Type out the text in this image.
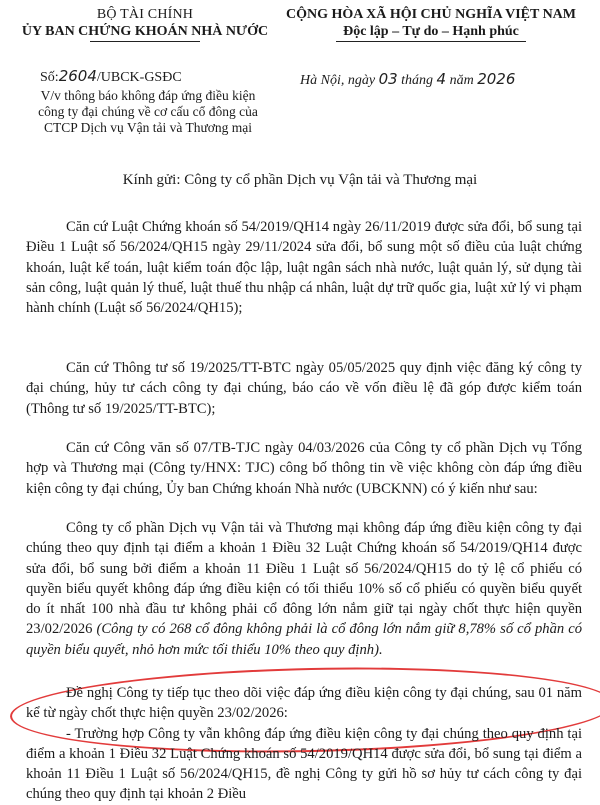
BỘ TÀI CHÍNH
ỦY BAN CHỨNG KHOÁN NHÀ NƯỚC
CỘNG HÒA XÃ HỘI CHỦ NGHĨA VIỆT NAM
Độc lập – Tự do – Hạnh phúc
Số:2604/UBCK-GSĐC	Hà Nội, ngày 03 tháng 4 năm 2026
V/v thông báo không đáp ứng điều kiện
công ty đại chúng về cơ cấu cổ đông của
CTCP Dịch vụ Vận tải và Thương mại
Kính gửi: Công ty cổ phần Dịch vụ Vận tải và Thương mại

Căn cứ Luật Chứng khoán số 54/2019/QH14 ngày 26/11/2019 được sửa đổi, bổ sung tại Điều 1 Luật số 56/2024/QH15 ngày 29/11/2024 sửa đổi, bổ sung một số điều của luật chứng khoán, luật kế toán, luật kiểm toán độc lập, luật ngân sách nhà nước, luật quản lý, sử dụng tài sản công, luật quản lý thuế, luật thuế thu nhập cá nhân, luật dự trữ quốc gia, luật xử lý vi phạm hành chính (Luật số 56/2024/QH15);

Căn cứ Thông tư số 19/2025/TT-BTC ngày 05/05/2025 quy định việc đăng ký công ty đại chúng, hủy tư cách công ty đại chúng, báo cáo về vốn điều lệ đã góp được kiểm toán (Thông tư số 19/2025/TT-BTC);

Căn cứ Công văn số 07/TB-TJC ngày 04/03/2026 của Công ty cổ phần Dịch vụ Tổng hợp và Thương mại (Công ty/HNX: TJC) công bố thông tin về việc không còn đáp ứng điều kiện công ty đại chúng, Ủy ban Chứng khoán Nhà nước (UBCKNN) có ý kiến như sau:

Công ty cổ phần Dịch vụ Vận tải và Thương mại không đáp ứng điều kiện công ty đại chúng theo quy định tại điểm a khoản 1 Điều 32 Luật Chứng khoán số 54/2019/QH14 được sửa đổi, bổ sung bởi điểm a khoản 11 Điều 1 Luật số 56/2024/QH15 do tỷ lệ cổ phiếu có quyền biểu quyết không đáp ứng điều kiện có tối thiểu 10% số cổ phiếu có quyền biểu quyết do ít nhất 100 nhà đầu tư không phải cổ đông lớn nắm giữ tại ngày chốt thực hiện quyền 23/02/2026 (Công ty có 268 cổ đông không phải là cổ đông lớn nắm giữ 8,78% số cổ phần có quyền biểu quyết, nhỏ hơn mức tối thiểu 10% theo quy định).

Đề nghị Công ty tiếp tục theo dõi việc đáp ứng điều kiện công ty đại chúng, sau 01 năm kể từ ngày chốt thực hiện quyền 23/02/2026:

- Trường hợp Công ty vẫn không đáp ứng điều kiện công ty đại chúng theo quy định tại điểm a khoản 1 Điều 32 Luật Chứng khoán số 54/2019/QH14 được sửa đổi, bổ sung tại điểm a khoản 11 Điều 1 Luật số 56/2024/QH15, đề nghị Công ty gửi hồ sơ hủy tư cách công ty đại chúng theo quy định tại khoản 2 Điều
